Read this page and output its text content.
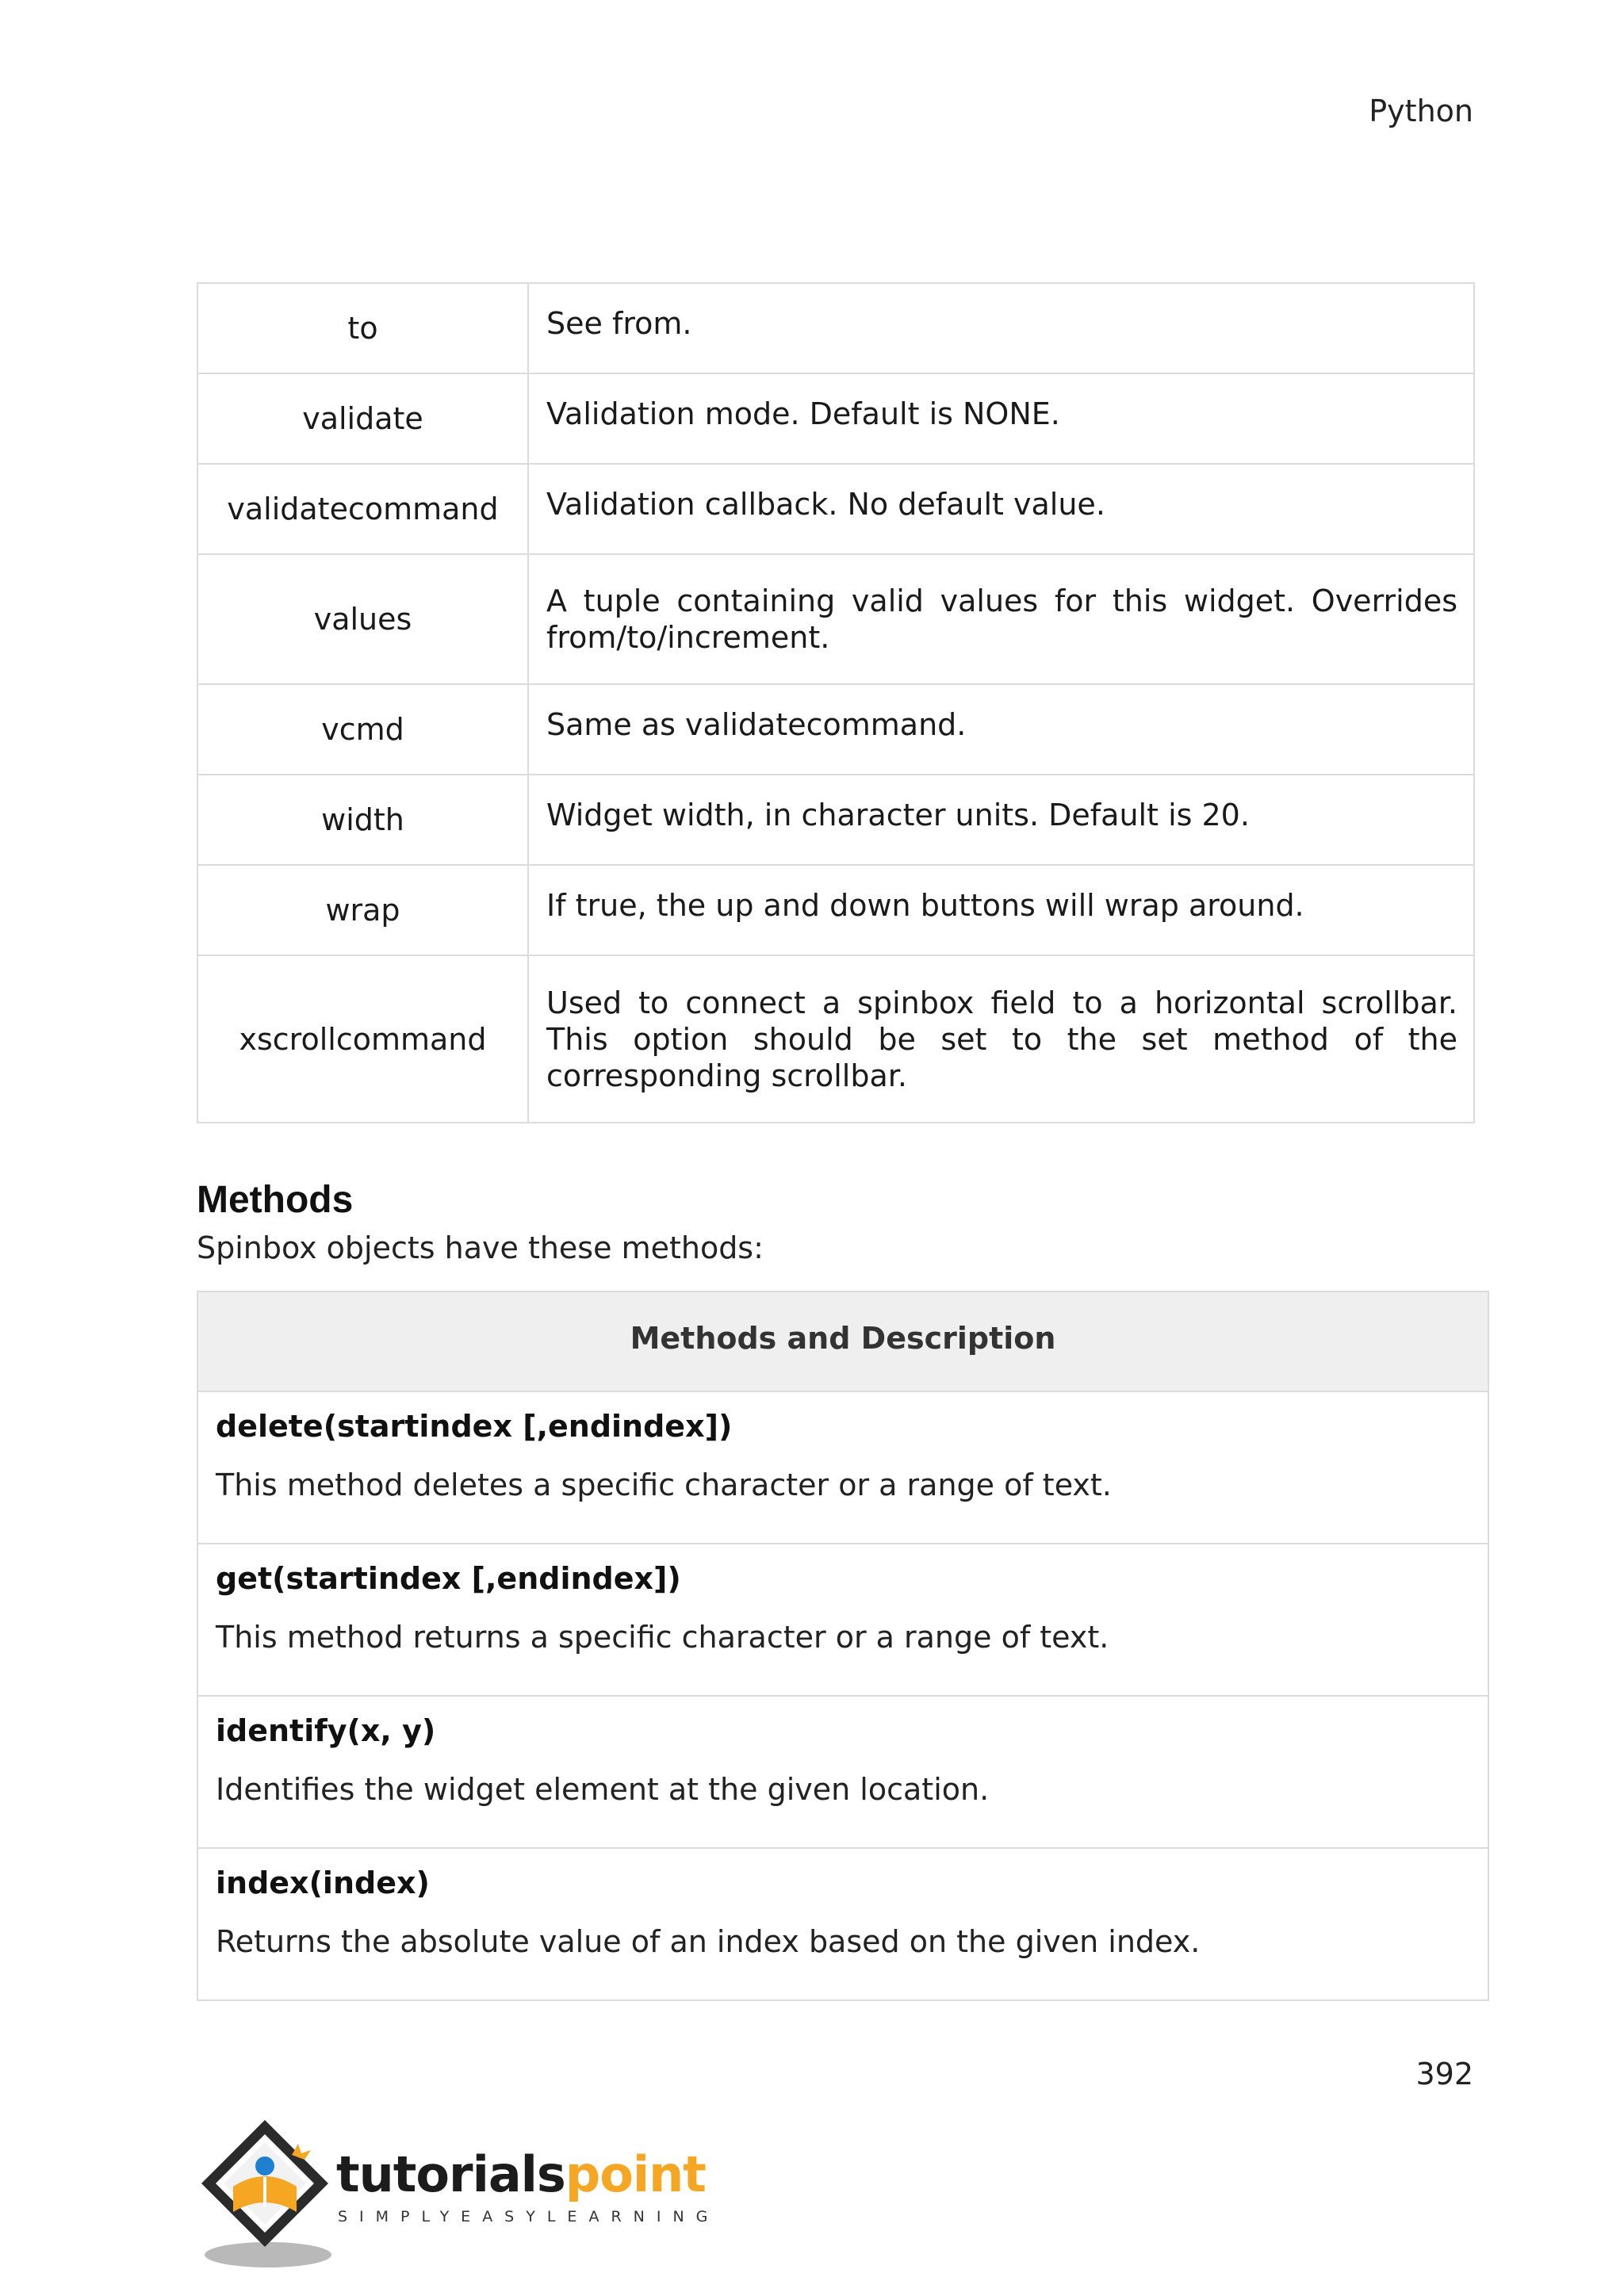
Python
to	See from.
validate	Validation mode. Default is NONE.
validatecommand	Validation callback. No default value.
values	A tuple containing valid values for this widget. Overrides from/to/increment.
vcmd	Same as validatecommand.
width	Widget width, in character units. Default is 20.
wrap	If true, the up and down buttons will wrap around.
xscrollcommand	Used to connect a spinbox field to a horizontal scrollbar. This option should be set to the set method of the corresponding scrollbar.
Methods
Spinbox objects have these methods:
Methods and Description

delete(startindex [,endindex])
This method deletes a specific character or a range of text.

get(startindex [,endindex])
This method returns a specific character or a range of text.

identify(x, y)
Identifies the widget element at the given location.

index(index)
Returns the absolute value of an index based on the given index.
392
tutorialspoint
SIMPLYEASYLEARNING
